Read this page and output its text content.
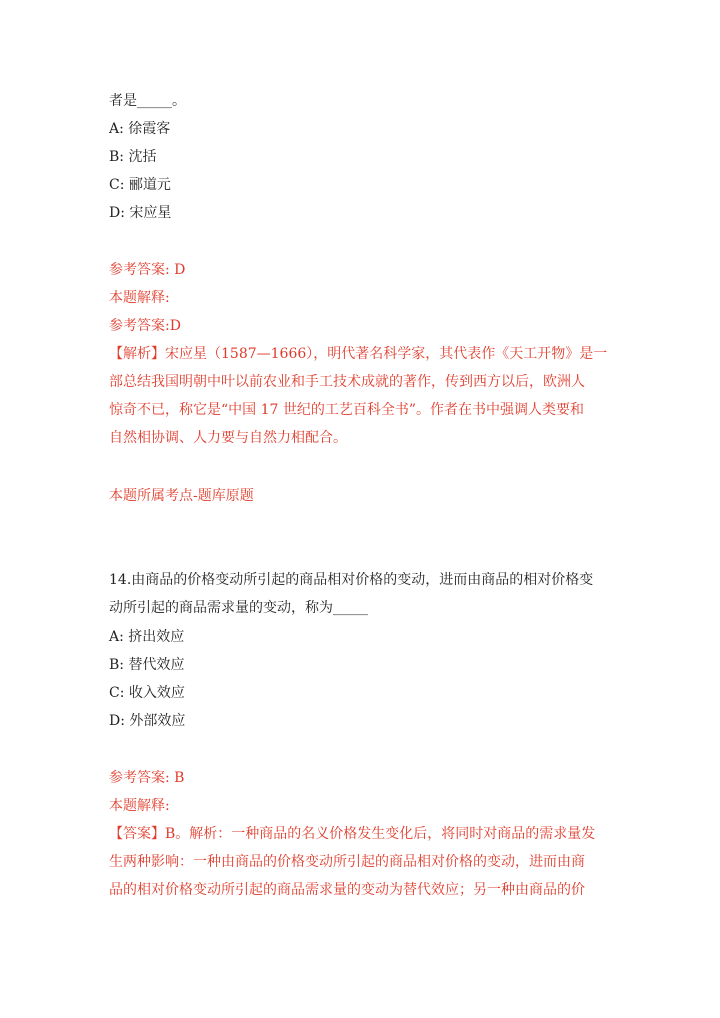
者是_____。
A: 徐霞客
B: 沈括
C: 郦道元
D: 宋应星
参考答案: D
本题解释:
参考答案:D
【解析】宋应星（1587—1666），明代著名科学家，其代表作《天工开物》是一
部总结我国明朝中叶以前农业和手工技术成就的著作，传到西方以后，欧洲人
惊奇不已，称它是“中国 17 世纪的工艺百科全书”。作者在书中强调人类要和
自然相协调、人力要与自然力相配合。
本题所属考点-题库原题
14.由商品的价格变动所引起的商品相对价格的变动，进而由商品的相对价格变
动所引起的商品需求量的变动，称为_____
A: 挤出效应
B: 替代效应
C: 收入效应
D: 外部效应
参考答案: B
本题解释:
【答案】B。解析：一种商品的名义价格发生变化后，将同时对商品的需求量发
生两种影响：一种由商品的价格变动所引起的商品相对价格的变动，进而由商
品的相对价格变动所引起的商品需求量的变动为替代效应；另一种由商品的价
